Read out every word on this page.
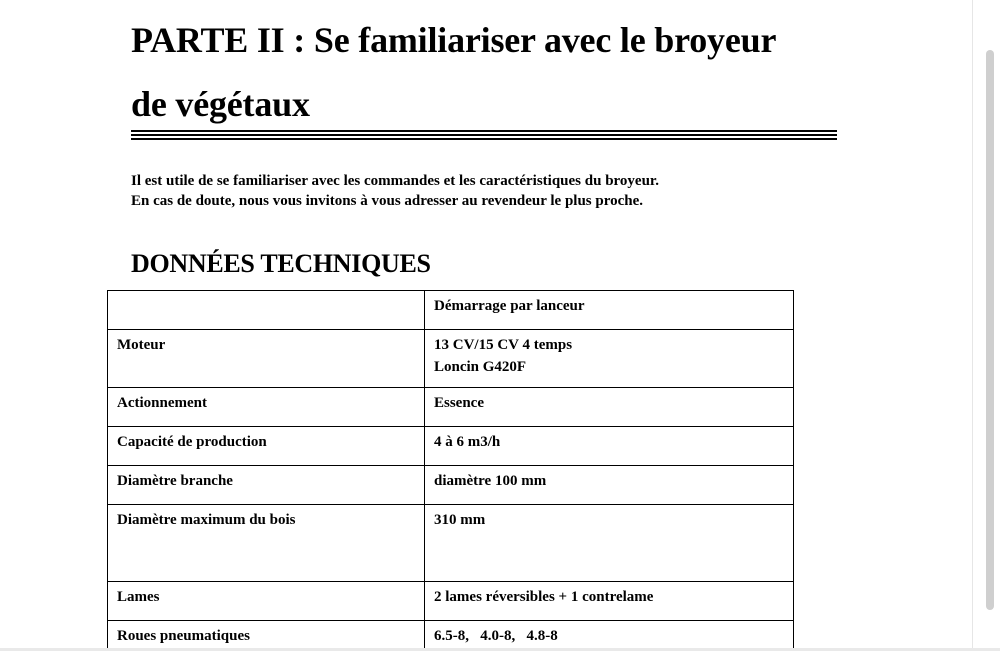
PARTE II : Se familiariser avec le broyeur
de végétaux

Il est utile de se familiariser avec les commandes et les caractéristiques du broyeur.

En cas de doute, nous vous invitons à vous adresser au revendeur le plus proche.

DONNÉES TECHNIQUES
	Démarrage par lanceur
Moteur	13 CV/15 CV 4 temps
Loncin G420F
Actionnement	Essence
Capacité de production	4 à 6 m3/h
Diamètre branche	diamètre 100 mm
Diamètre maximum du bois	310 mm
Lames	2 lames réversibles + 1 contrelame
Roues pneumatiques	6.5-8,   4.0-8,   4.8-8
